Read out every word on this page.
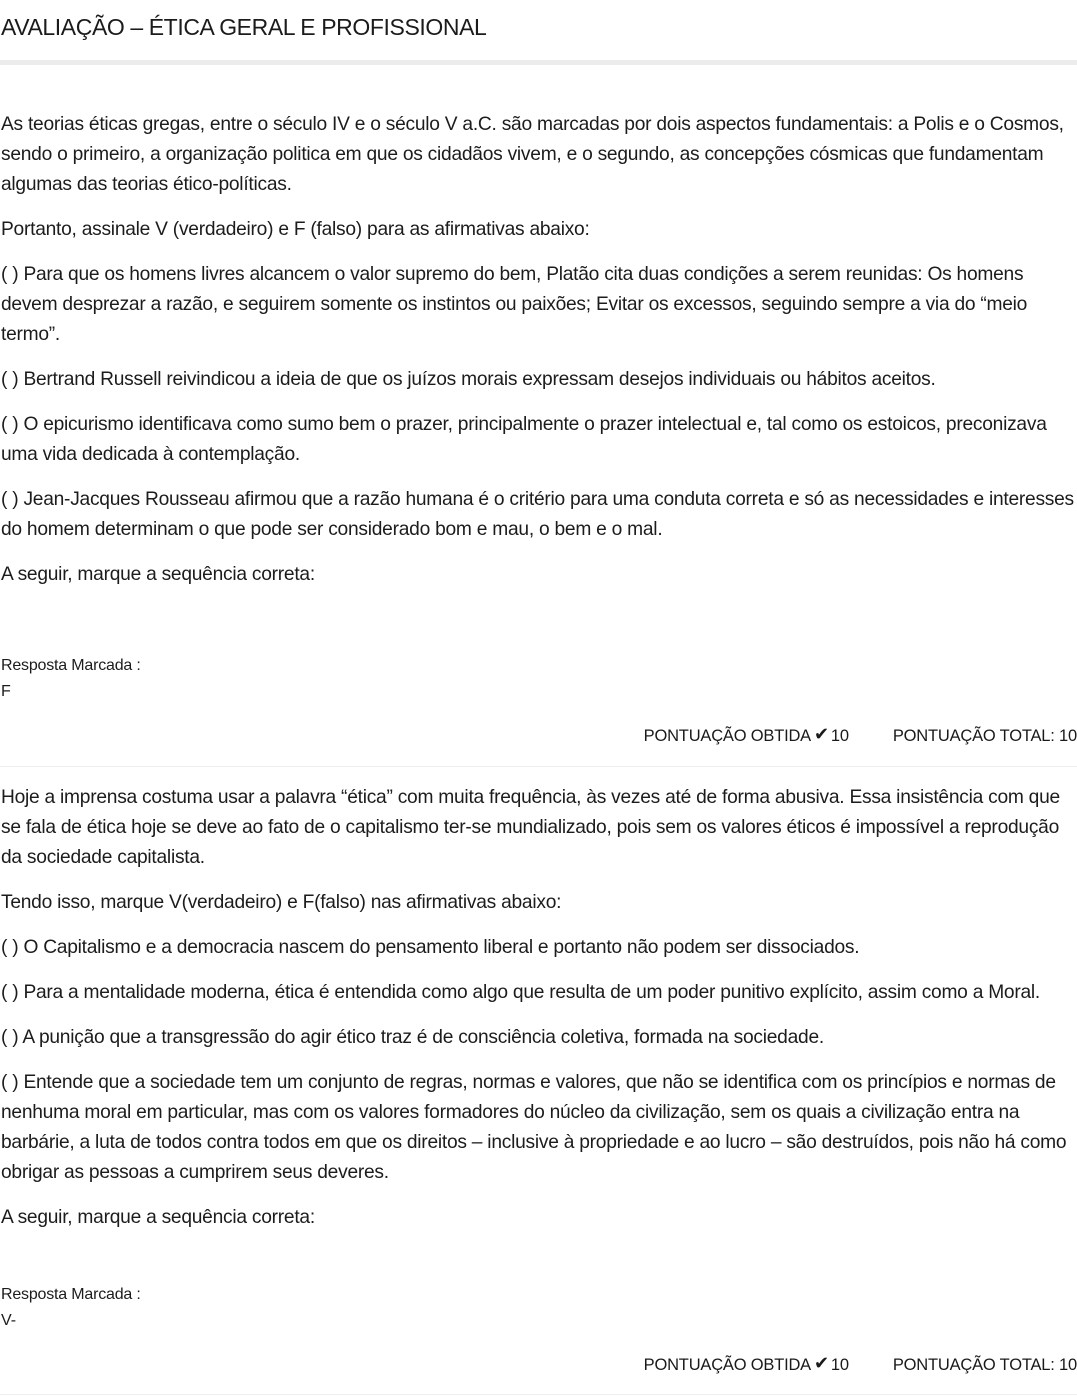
AVALIAÇÃO – ÉTICA GERAL E PROFISSIONAL

As teorias éticas gregas, entre o século IV e o século V a.C. são marcadas por dois aspectos fundamentais: a Polis e o Cosmos, sendo o primeiro, a organização politica em que os cidadãos vivem, e o segundo, as concepções cósmicas que fundamentam algumas das teorias ético-políticas.

Portanto, assinale V (verdadeiro) e F (falso) para as afirmativas abaixo:

( ) Para que os homens livres alcancem o valor supremo do bem, Platão cita duas condições a serem reunidas: Os homens devem desprezar a razão, e seguirem somente os instintos ou paixões; Evitar os excessos, seguindo sempre a via do “meio termo”.

( ) Bertrand Russell reivindicou a ideia de que os juízos morais expressam desejos individuais ou hábitos aceitos.

( ) O epicurismo identificava como sumo bem o prazer, principalmente o prazer intelectual e, tal como os estoicos, preconizava uma vida dedicada à contemplação.

( ) Jean-Jacques Rousseau afirmou que a razão humana é o critério para uma conduta correta e só as necessidades e interesses do homem determinam o que pode ser considerado bom e mau, o bem e o mal.

A seguir, marque a sequência correta:

Resposta Marcada :
F
PONTUAÇÃO OBTIDA ✔ 10	PONTUAÇÃO TOTAL: 10

Hoje a imprensa costuma usar a palavra “ética” com muita frequência, às vezes até de forma abusiva. Essa insistência com que se fala de ética hoje se deve ao fato de o capitalismo ter-se mundializado, pois sem os valores éticos é impossível a reprodução da sociedade capitalista.

Tendo isso, marque V(verdadeiro) e F(falso) nas afirmativas abaixo:

( ) O Capitalismo e a democracia nascem do pensamento liberal e portanto não podem ser dissociados.

( ) Para a mentalidade moderna, ética é entendida como algo que resulta de um poder punitivo explícito, assim como a Moral.

( ) A punição que a transgressão do agir ético traz é de consciência coletiva, formada na sociedade.

( ) Entende que a sociedade tem um conjunto de regras, normas e valores, que não se identifica com os princípios e normas de nenhuma moral em particular, mas com os valores formadores do núcleo da civilização, sem os quais a civilização entra na barbárie, a luta de todos contra todos em que os direitos – inclusive à propriedade e ao lucro – são destruídos, pois não há como obrigar as pessoas a cumprirem seus deveres.

A seguir, marque a sequência correta:

Resposta Marcada :
V-
PONTUAÇÃO OBTIDA ✔ 10	PONTUAÇÃO TOTAL: 10
